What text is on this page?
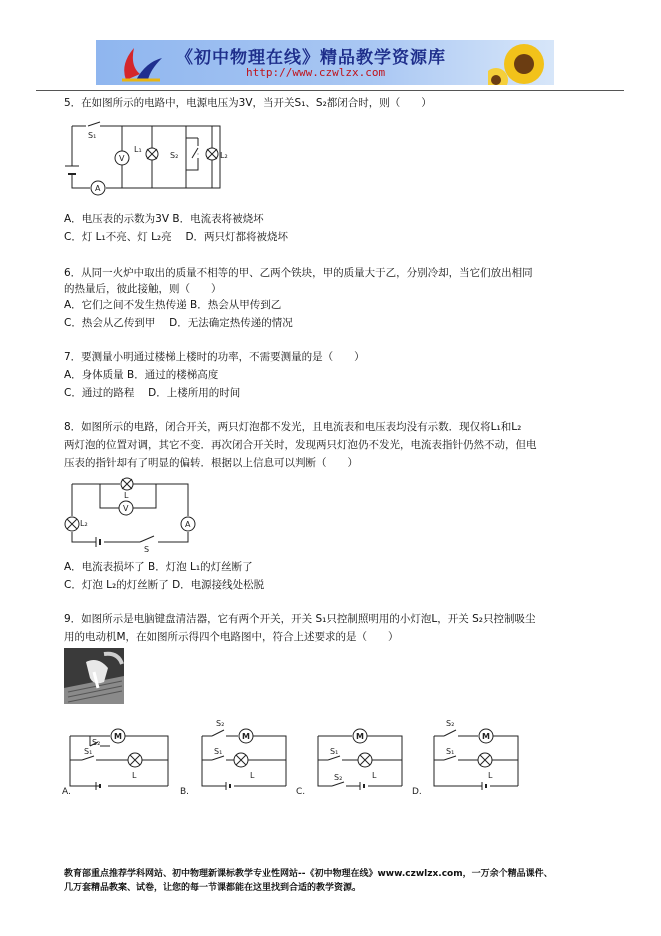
《初中物理在线》精品教学资源库
http://www.czwlzx.com
5．在如图所示的电路中，电源电压为3V，当开关S₁、S₂都闭合时，则（　　）
S₁
V
L₁
S₂	L₂
A
A．电压表的示数为3V B．电流表将被烧坏
C．灯 L₁不亮、灯 L₂亮　 D．两只灯都将被烧坏
6．从同一火炉中取出的质量不相等的甲、乙两个铁块，甲的质量大于乙，分别冷却，当它们放出相同
的热量后，彼此接触，则（　　）
A．它们之间不发生热传递 B．热会从甲传到乙
C．热会从乙传到甲　 D．无法确定热传递的情况
7．要测量小明通过楼梯上楼时的功率，不需要测量的是（　　）
A．身体质量 B．通过的楼梯高度
C．通过的路程　 D．上楼所用的时间
8．如图所示的电路，闭合开关，两只灯泡都不发光，且电流表和电压表均没有示数．现仅将L₁和L₂
两灯泡的位置对调，其它不变．再次闭合开关时，发现两只灯泡仍不发光，电流表指针仍然不动，但电
压表的指针却有了明显的偏转．根据以上信息可以判断（　　）
L
V
L₂	A
S
A．电流表损坏了 B．灯泡 L₁的灯丝断了
C．灯泡 L₂的灯丝断了 D．电源接线处松脱
9．如图所示是电脑键盘清洁器，它有两个开关，开关 S₁只控制照明用的小灯泡L，开关 S₂只控制吸尘
用的电动机M，在如图所示得四个电路图中，符合上述要求的是（　　）
M
L
S₂
S₁
A.
M
L
S₂
S₁
B.
M
L
S₁
S₂
C.
M
L
S₂
S₁
D.
教育部重点推荐学科网站、初中物理新课标教学专业性网站--《初中物理在线》www.czwlzx.com，一万余个精品课件、
几万套精品教案、试卷，让您的每一节课都能在这里找到合适的教学资源。
